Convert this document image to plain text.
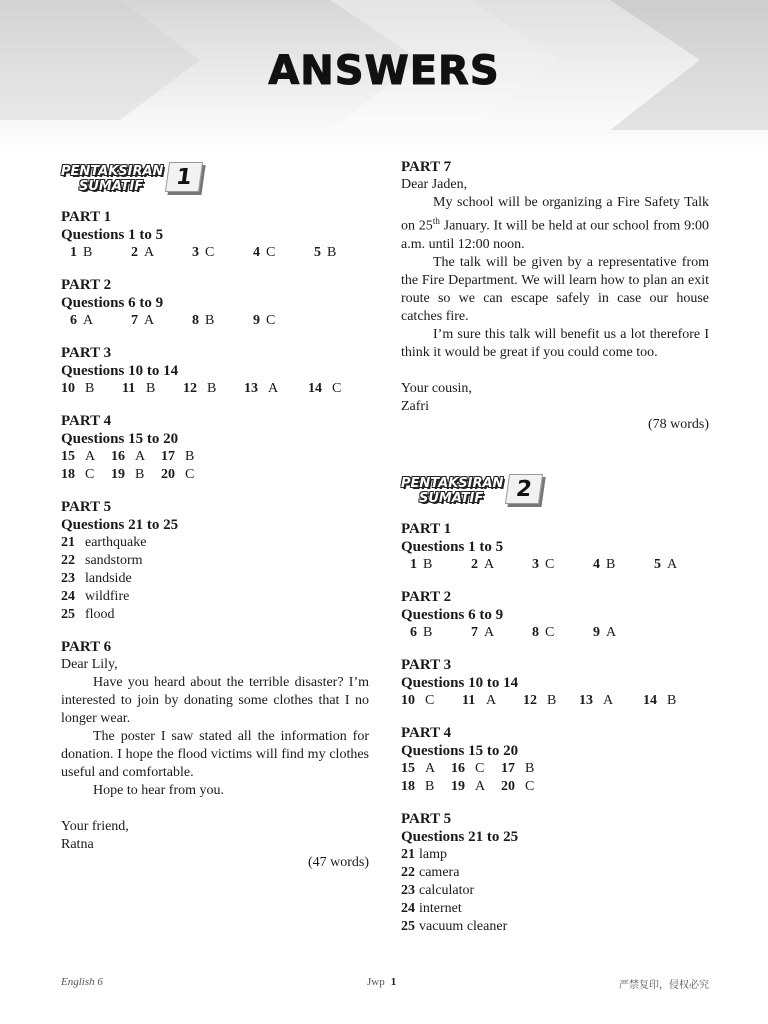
ANSWERS
PENTAKSIRAN
SUMATIF	1
PART 1
Questions 1 to 5
1 B	2 A	3 C	4 C	5 B
PART 2
Questions 6 to 9
6 A	7 A	8 B	9 C
PART 3
Questions 10 to 14
10 B 11 B 12 B 13 A 14 C
PART 4
Questions 15 to 20
15 A 16 A 17 B
18 C 19 B 20 C
PART 5
Questions 21 to 25
21 earthquake
22 sandstorm
23 landside
24 wildfire
25 flood
PART 6
Dear Lily,
Have you heard about the terrible disaster? I’m interested to join by donating some clothes that I no longer wear.
The poster I saw stated all the information for donation. I hope the flood victims will find my clothes useful and comfortable.
Hope to hear from you.
Your friend,
Ratna
(47 words)
PART 7
Dear Jaden,
My school will be organizing a Fire Safety Talk on 25th January. It will be held at our school from 9:00 a.m. until 12:00 noon.
The talk will be given by a representative from the Fire Department. We will learn how to plan an exit route so we can escape safely in case our house catches fire.
I’m sure this talk will benefit us a lot therefore I think it would be great if you could come too.
Your cousin,
Zafri
(78 words)
PENTAKSIRAN
SUMATIF	2
PART 1
Questions 1 to 5
1 B	2 A	3 C	4 B	5 A
PART 2
Questions 6 to 9
6 B	7 A	8 C	9 A
PART 3
Questions 10 to 14
10 C 11 A 12 B 13 A 14 B
PART 4
Questions 15 to 20
15 A 16 C 17 B
18 B 19 A 20 C
PART 5
Questions 21 to 25
21 lamp
22 camera
23 calculator
24 internet
25 vacuum cleaner
English 6	Jwp 1	严禁复印，侵权必究
